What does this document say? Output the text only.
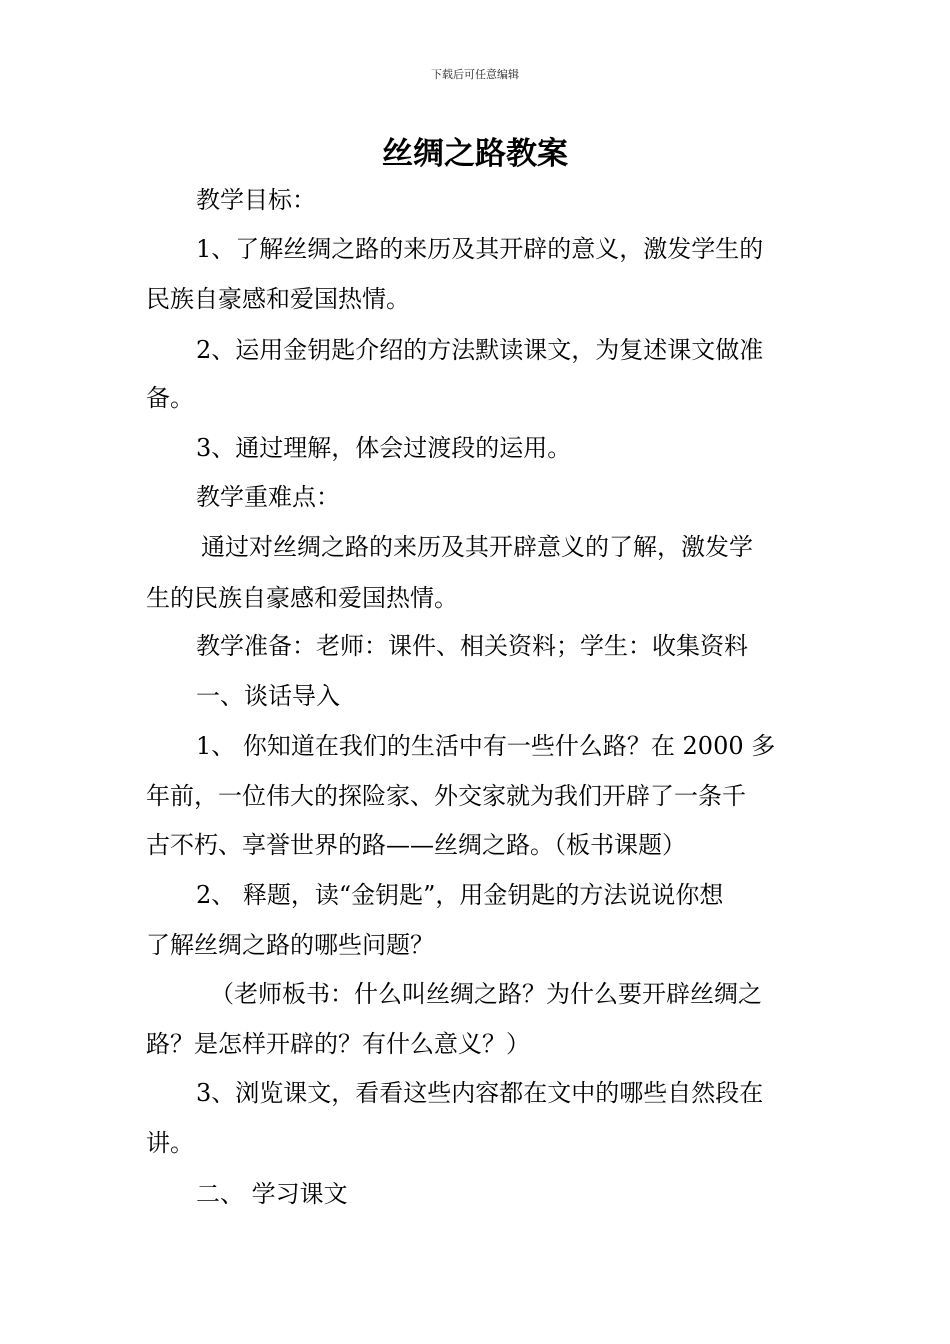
下载后可任意编辑
丝绸之路教案
教学目标：
1、了解丝绸之路的来历及其开辟的意义，激发学生的
民族自豪感和爱国热情。
2、运用金钥匙介绍的方法默读课文，为复述课文做准
备。
3、通过理解，体会过渡段的运用。
教学重难点：
通过对丝绸之路的来历及其开辟意义的了解，激发学
生的民族自豪感和爱国热情。
教学准备：老师：课件、相关资料；学生：收集资料
一、谈话导入
1、 你知道在我们的生活中有一些什么路？在 2000 多
年前，一位伟大的探险家、外交家就为我们开辟了一条千
古不朽、享誉世界的路——丝绸之路。（板书课题）
2、 释题，读“金钥匙”，用金钥匙的方法说说你想
了解丝绸之路的哪些问题？
（老师板书：什么叫丝绸之路？为什么要开辟丝绸之
路？是怎样开辟的？有什么意义？）
3、浏览课文，看看这些内容都在文中的哪些自然段在
讲。
二、 学习课文
